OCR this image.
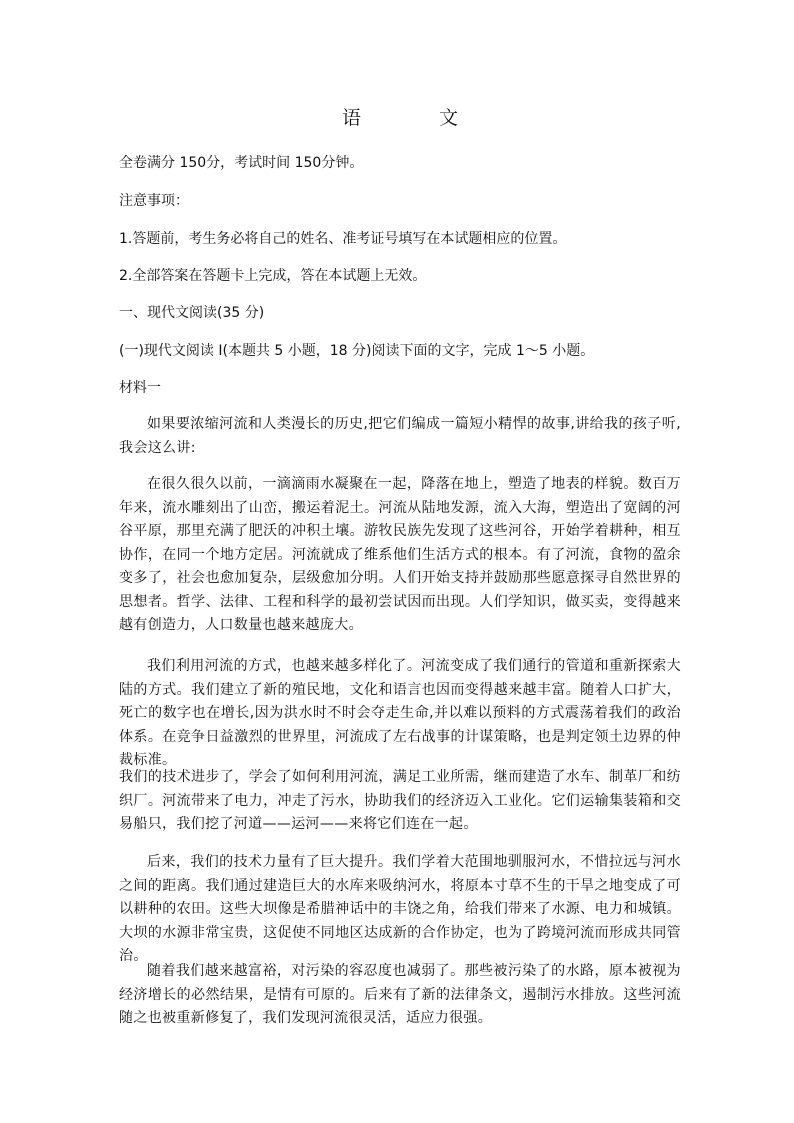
语 文
全卷满分 150分，考试时间 150分钟。
注意事项：
1.答题前，考生务必将自己的姓名、准考证号填写在本试题相应的位置。
2.全部答案在答题卡上完成，答在本试题上无效。
一、现代文阅读(35 分)
(一)现代文阅读 I(本题共 5 小题，18 分)阅读下面的文字，完成 1～5 小题。
材料一
如果要浓缩河流和人类漫长的历史,把它们编成一篇短小精悍的故事,讲给我的孩子听,我会这么讲:
在很久很久以前，一滴滴雨水凝聚在一起，降落在地上，塑造了地表的样貌。数百万年来，流水雕刻出了山峦，搬运着泥土。河流从陆地发源，流入大海，塑造出了宽阔的河谷平原，那里充满了肥沃的冲积土壤。游牧民族先发现了这些河谷，开始学着耕种，相互协作，在同一个地方定居。河流就成了维系他们生活方式的根本。有了河流，食物的盈余变多了，社会也愈加复杂，层级愈加分明。人们开始支持并鼓励那些愿意探寻自然世界的思想者。哲学、法律、工程和科学的最初尝试因而出现。人们学知识，做买卖，变得越来越有创造力，人口数量也越来越庞大。
我们利用河流的方式，也越来越多样化了。河流变成了我们通行的管道和重新探索大陆的方式。我们建立了新的殖民地，文化和语言也因而变得越来越丰富。随着人口扩大，死亡的数字也在增长,因为洪水时不时会夺走生命,并以难以预料的方式震荡着我们的政治体系。在竞争日益激烈的世界里，河流成了左右战事的计谋策略，也是判定领土边界的仲裁标准。
我们的技术进步了，学会了如何利用河流，满足工业所需，继而建造了水车、制革厂和纺织厂。河流带来了电力，冲走了污水，协助我们的经济迈入工业化。它们运输集装箱和交易船只，我们挖了河道——运河——来将它们连在一起。
后来，我们的技术力量有了巨大提升。我们学着大范围地驯服河水，不惜拉远与河水之间的距离。我们通过建造巨大的水库来吸纳河水，将原本寸草不生的干旱之地变成了可以耕种的农田。这些大坝像是希腊神话中的丰饶之角，给我们带来了水源、电力和城镇。大坝的水源非常宝贵，这促使不同地区达成新的合作协定，也为了跨境河流而形成共同管治。
随着我们越来越富裕，对污染的容忍度也减弱了。那些被污染了的水路，原本被视为经济增长的必然结果，是情有可原的。后来有了新的法律条文，遏制污水排放。这些河流随之也被重新修复了，我们发现河流很灵活，适应力很强。
